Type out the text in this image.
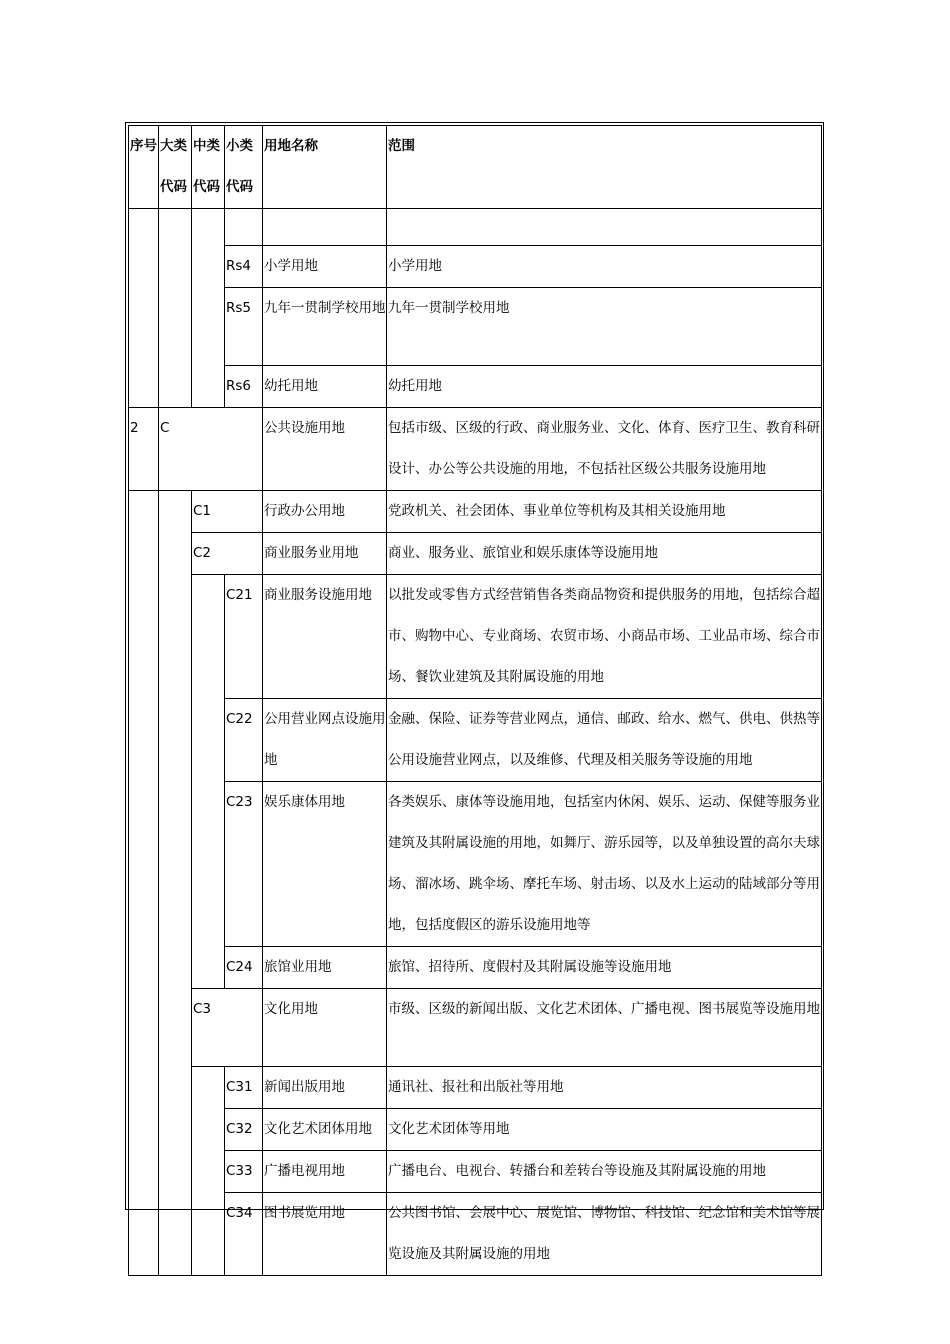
序号	大类代码	中类代码	小类代码	用地名称	范围

			Rs4	小学用地	小学用地
			Rs5	九年一贯制学校用地	九年一贯制学校用地
			Rs6	幼托用地	幼托用地
2	C			公共设施用地	包括市级、区级的行政、商业服务业、文化、体育、医疗卫生、教育科研设计、办公等公共设施的用地，不包括社区级公共服务设施用地
		C1		行政办公用地	党政机关、社会团体、事业单位等机构及其相关设施用地
		C2		商业服务业用地	商业、服务业、旅馆业和娱乐康体等设施用地
			C21	商业服务设施用地	以批发或零售方式经营销售各类商品物资和提供服务的用地，包括综合超市、购物中心、专业商场、农贸市场、小商品市场、工业品市场、综合市场、餐饮业建筑及其附属设施的用地
			C22	公用营业网点设施用地	金融、保险、证券等营业网点，通信、邮政、给水、燃气、供电、供热等公用设施营业网点，以及维修、代理及相关服务等设施的用地
			C23	娱乐康体用地	各类娱乐、康体等设施用地，包括室内休闲、娱乐、运动、保健等服务业建筑及其附属设施的用地，如舞厅、游乐园等，以及单独设置的高尔夫球场、溜冰场、跳伞场、摩托车场、射击场、以及水上运动的陆域部分等用地，包括度假区的游乐设施用地等
			C24	旅馆业用地	旅馆、招待所、度假村及其附属设施等设施用地
		C3		文化用地	市级、区级的新闻出版、文化艺术团体、广播电视、图书展览等设施用地
			C31	新闻出版用地	通讯社、报社和出版社等用地
			C32	文化艺术团体用地	文化艺术团体等用地
			C33	广播电视用地	广播电台、电视台、转播台和差转台等设施及其附属设施的用地
			C34	图书展览用地	公共图书馆、会展中心、展览馆、博物馆、科技馆、纪念馆和美术馆等展览设施及其附属设施的用地
